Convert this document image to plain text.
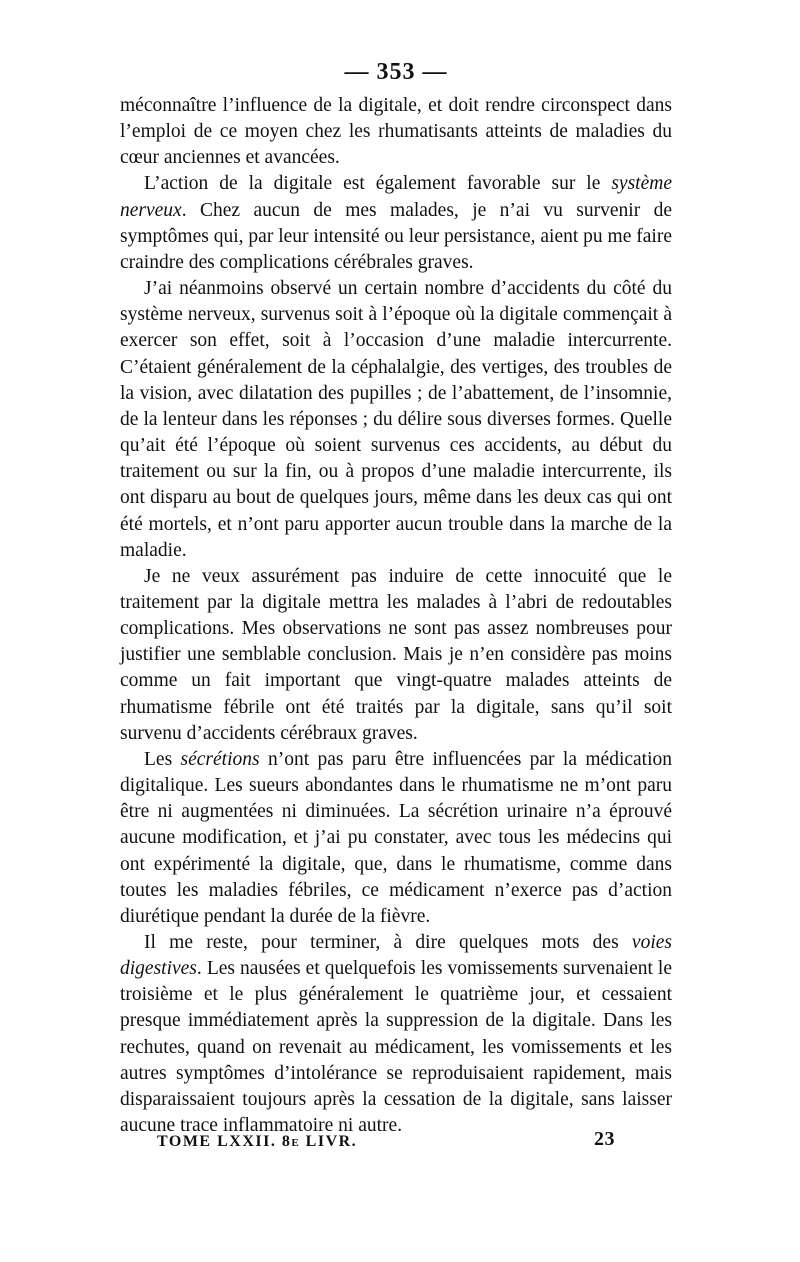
— 353 —

méconnaître l’influence de la digitale, et doit rendre circonspect dans l’emploi de ce moyen chez les rhumatisants atteints de maladies du cœur anciennes et avancées.

L’action de la digitale est également favorable sur le système nerveux. Chez aucun de mes malades, je n’ai vu survenir de symptômes qui, par leur intensité ou leur persistance, aient pu me faire craindre des complications cérébrales graves.

J’ai néanmoins observé un certain nombre d’accidents du côté du système nerveux, survenus soit à l’époque où la digitale commençait à exercer son effet, soit à l’occasion d’une maladie intercurrente. C’étaient généralement de la céphalalgie, des vertiges, des troubles de la vision, avec dilatation des pupilles ; de l’abattement, de l’insomnie, de la lenteur dans les réponses ; du délire sous diverses formes. Quelle qu’ait été l’époque où soient survenus ces accidents, au début du traitement ou sur la fin, ou à propos d’une maladie intercurrente, ils ont disparu au bout de quelques jours, même dans les deux cas qui ont été mortels, et n’ont paru apporter aucun trouble dans la marche de la maladie.

Je ne veux assurément pas induire de cette innocuité que le traitement par la digitale mettra les malades à l’abri de redoutables complications. Mes observations ne sont pas assez nombreuses pour justifier une semblable conclusion. Mais je n’en considère pas moins comme un fait important que vingt-quatre malades atteints de rhumatisme fébrile ont été traités par la digitale, sans qu’il soit survenu d’accidents cérébraux graves.

Les sécrétions n’ont pas paru être influencées par la médication digitalique. Les sueurs abondantes dans le rhumatisme ne m’ont paru être ni augmentées ni diminuées. La sécrétion urinaire n’a éprouvé aucune modification, et j’ai pu constater, avec tous les médecins qui ont expérimenté la digitale, que, dans le rhumatisme, comme dans toutes les maladies fébriles, ce médicament n’exerce pas d’action diurétique pendant la durée de la fièvre.

Il me reste, pour terminer, à dire quelques mots des voies digestives. Les nausées et quelquefois les vomissements survenaient le troisième et le plus généralement le quatrième jour, et cessaient presque immédiatement après la suppression de la digitale. Dans les rechutes, quand on revenait au médicament, les vomissements et les autres symptômes d’intolérance se reproduisaient rapidement, mais disparaissaient toujours après la cessation de la digitale, sans laisser aucune trace inflammatoire ni autre.

TOME LXXII. 8e LIVR.	23
